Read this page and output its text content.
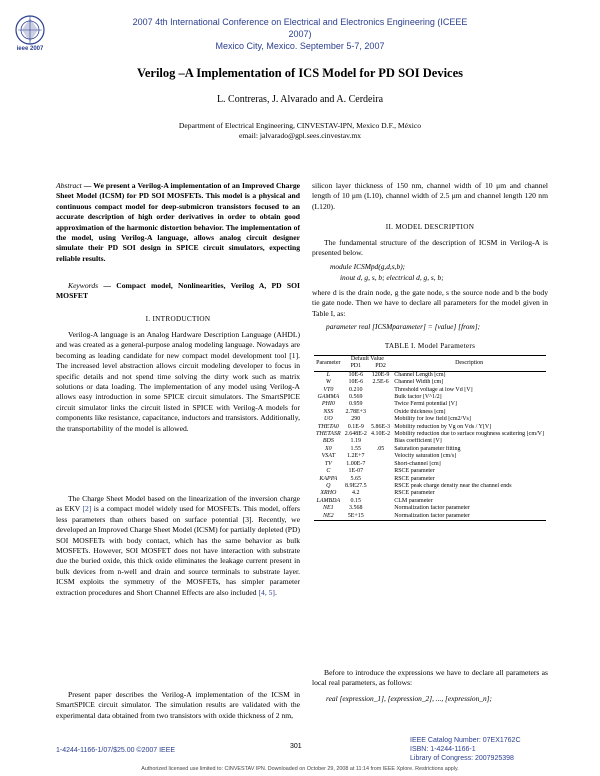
ieee 2007
2007 4th International Conference on Electrical and Electronics Engineering (ICEEE 2007)
Mexico City, Mexico. September 5-7, 2007
Verilog –A Implementation of ICS Model for PD SOI Devices
L. Contreras, J. Alvarado and A. Cerdeira
Department of Electrical Engineering, CINVESTAV-IPN, Mexico D.F., México
email: jalvarado@gpl.sees.cinvestav.mx

Abstract — We present a Verilog-A implementation of an Improved Charge Sheet Model (ICSM) for PD SOI MOSFETs. This model is a physical and continuous compact model for deep-submicron transistors focused to an accurate description of high order derivatives in order to obtain good approximation of the harmonic distortion behavior. The implementation of the model, using Verilog-A language, allows analog circuit designer simulate their PD SOI design in SPICE circuit simulators, expecting reliable results.

Keywords — Compact model, Nonlinearities, Verilog A, PD SOI MOSFET

I. INTRODUCTION

Verilog-A language is an Analog Hardware Description Language (AHDL) and was created as a general-purpose analog modeling language. Nowadays are becoming as leading candidate for new compact model development tool [1]. The increased level abstraction allows circuit modeling developer to focus in specific details and not spend time solving the dirty work such as matrix solutions or data loading. The implementation of any model using Verilog-A allows easy introduction in some SPICE circuit simulators. The SmartSPICE circuit simulator links the circuit listed in SPICE with Verilog-A models for components like resistance, capacitance, inductors and transistors. Additionally, the transportability of the model is allowed.

The Charge Sheet Model based on the linearization of the inversion charge as EKV [2] is a compact model widely used for MOSFETs. This model, offers less parameters than others based on surface potential [3]. Recently, we developed an Improved Charge Sheet Model (ICSM) for partially depleted (PD) SOI MOSFETs with body contact, which has the same behavior as bulk MOSFETs. However, SOI MOSFET does not have interaction with substrate due the buried oxide, this thick oxide eliminates the leakage current present in bulk devices from n-well and drain and source terminals to substrate layer. ICSM exploits the symmetry of the MOSFETs, has simpler parameter extraction procedures and Short Channel Effects are also included [4, 5].

Present paper describes the Verilog-A implementation of the ICSM in SmartSPICE circuit simulator. The simulation results are validated with the experimental data obtained from two transistors with oxide thickness of 2 nm,

silicon layer thickness of 150 nm, channel width of 10 μm and channel length of 10 μm (L10), channel width of 2.5 μm and channel length 120 nm (L120).

II. MODEL DESCRIPTION

The fundamental structure of the description of ICSM in Verilog-A is presented below.

module ICSMpd(g,d,s,b);
inout d, g, s, b; electrical d, g, s, b;

where d is the drain node, g the gate node, s the source node and b the body tie gate node. Then we have to declare all parameters for the model given in Table I, as:

parameter real [ICSMparameter] = [value] [from];
TABLE I. Model Parameters
Parameter	Default Value		Description
	PD1	PD2	
L	10E-6	120E-9	Channel Length [cm]
W	10E-6	2.5E-6	Channel Width [cm]
VT0	0.210		Threshold voltage at low Vd [V]
GAMMA	0.569		Bulk factor [V^1/2]
PHI0	0.959		Twice Fermi potential [V]
NSS	2.78E+3		Oxide thickness [cm]
UO	290		Mobility for low field [cm2/Vs]
THETA0	0.1E-9	5.86E-3	Mobility reduction by Vg on Vds / Y[V]
THETASR	2.648E-2	4.10E-2	Mobility reduction due to surface roughness scattering [cm/V]
BDS	1.19		Bias coefficient [V]
X0	1.55	.05	Saturation parameter fitting
VSAT	1.2E+7		Velocity saturation [cm/s]
TV	1.00E-7		Short-channel [cm]
C	1E-07		RSCE parameter
KAPPA	5.65		RSCE parameter
Q	8.9E27.5		RSCE peak charge density near the channel ends
XRHO	4.2		RSCE parameter
LAMBDA	0.15		CLM parameter
NE1	3.568		Normalization factor parameter
NE2	5E+15		Normalization factor parameter

Before to introduce the expressions we have to declare all parameters as local real parameters, as follows:

real [expression_1], [expression_2], ..., [expression_n];
1-4244-1166-1/07/$25.00 ©2007 IEEE
301
IEEE Catalog Number: 07EX1762C
ISBN: 1-4244-1166-1
Library of Congress: 2007925398
Authorized licensed use limited to: CINVESTAV IPN. Downloaded on October 29, 2008 at 11:14 from IEEE Xplore. Restrictions apply.
